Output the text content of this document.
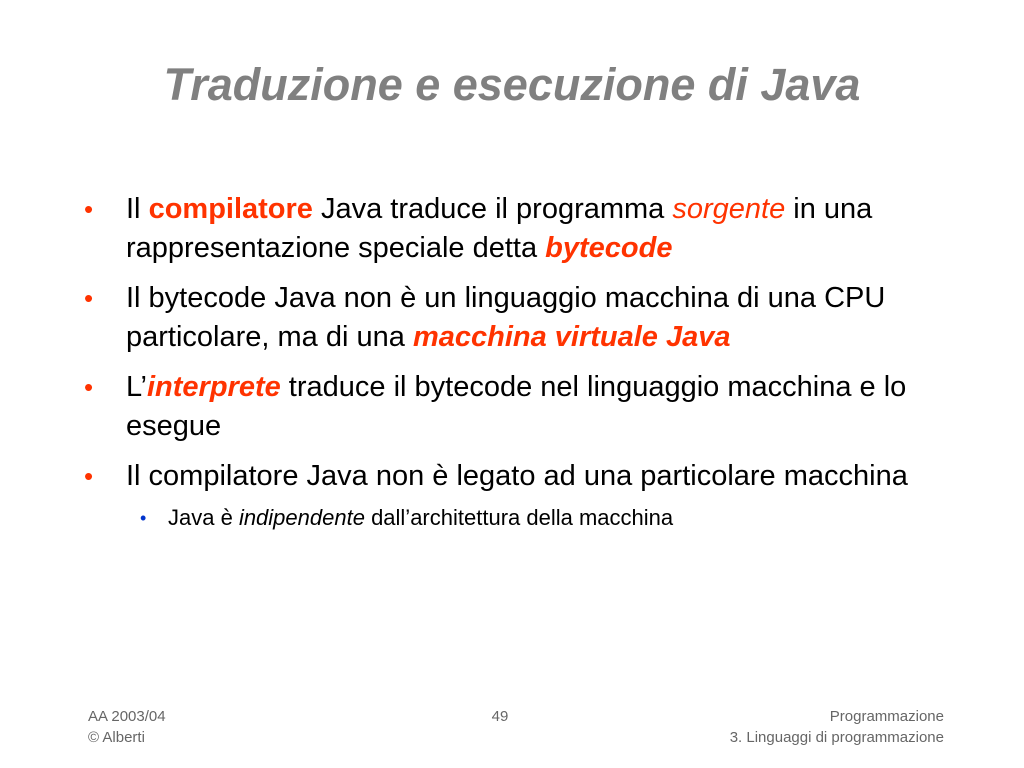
Traduzione e esecuzione di Java
• Il compilatore Java traduce il programma sorgente in una rappresentazione speciale detta bytecode
• Il bytecode Java non è un linguaggio macchina di una CPU particolare, ma di una macchina virtuale Java
• L’interprete traduce il bytecode nel linguaggio macchina e lo esegue
• Il compilatore Java non è legato ad una particolare macchina
• Java è indipendente dall’architettura della macchina
AA 2003/04
© Alberti
49	Programmazione
3. Linguaggi di programmazione
